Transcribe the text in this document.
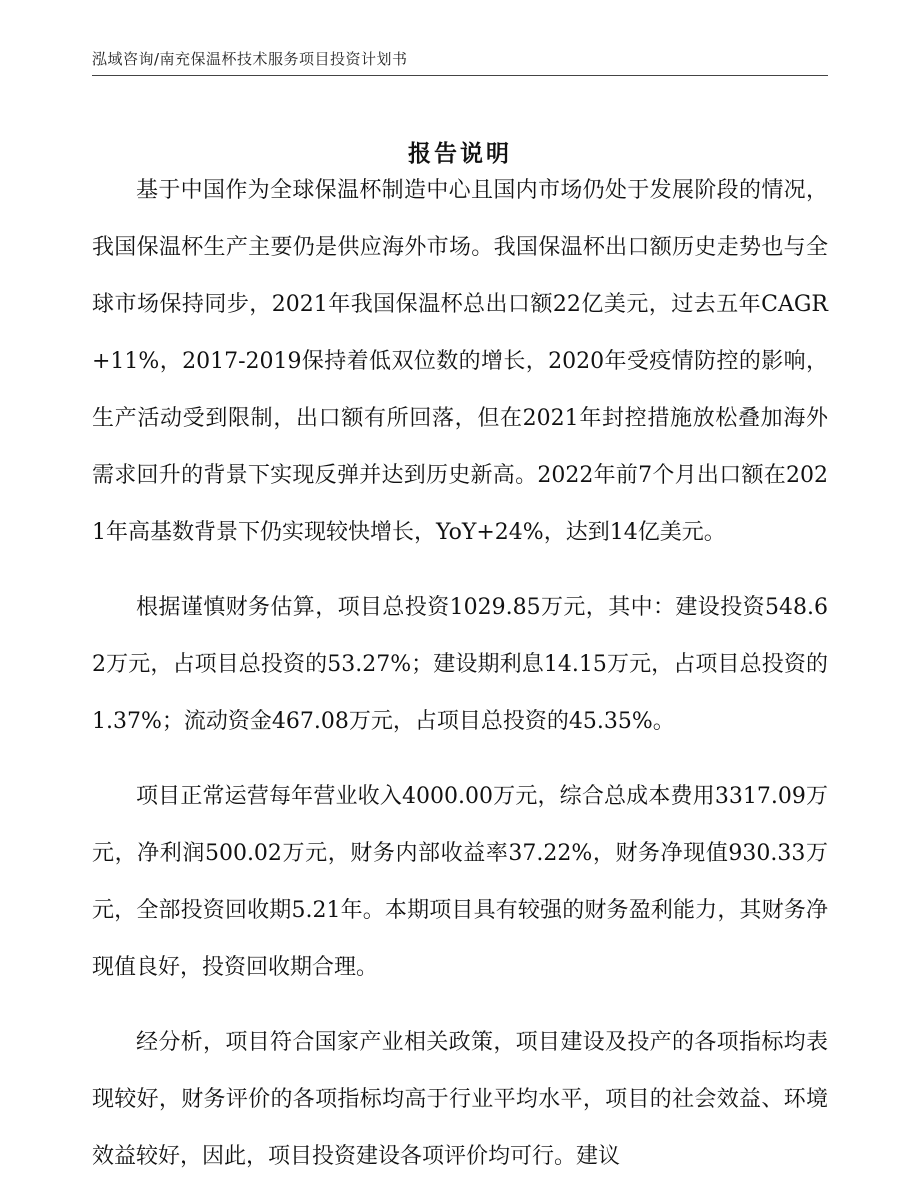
泓域咨询/南充保温杯技术服务项目投资计划书
报告说明

基于中国作为全球保温杯制造中心且国内市场仍处于发展阶段的情况，我国保温杯生产主要仍是供应海外市场。我国保温杯出口额历史走势也与全球市场保持同步，2021年我国保温杯总出口额22亿美元，过去五年CAGR+11%，2017-2019保持着低双位数的增长，2020年受疫情防控的影响，生产活动受到限制，出口额有所回落，但在2021年封控措施放松叠加海外需求回升的背景下实现反弹并达到历史新高。2022年前7个月出口额在2021年高基数背景下仍实现较快增长，YoY+24%，达到14亿美元。

根据谨慎财务估算，项目总投资1029.85万元，其中：建设投资548.62万元，占项目总投资的53.27%；建设期利息14.15万元，占项目总投资的1.37%；流动资金467.08万元，占项目总投资的45.35%。

项目正常运营每年营业收入4000.00万元，综合总成本费用3317.09万元，净利润500.02万元，财务内部收益率37.22%，财务净现值930.33万元，全部投资回收期5.21年。本期项目具有较强的财务盈利能力，其财务净现值良好，投资回收期合理。

经分析，项目符合国家产业相关政策，项目建设及投产的各项指标均表现较好，财务评价的各项指标均高于行业平均水平，项目的社会效益、环境效益较好，因此，项目投资建设各项评价均可行。建议
